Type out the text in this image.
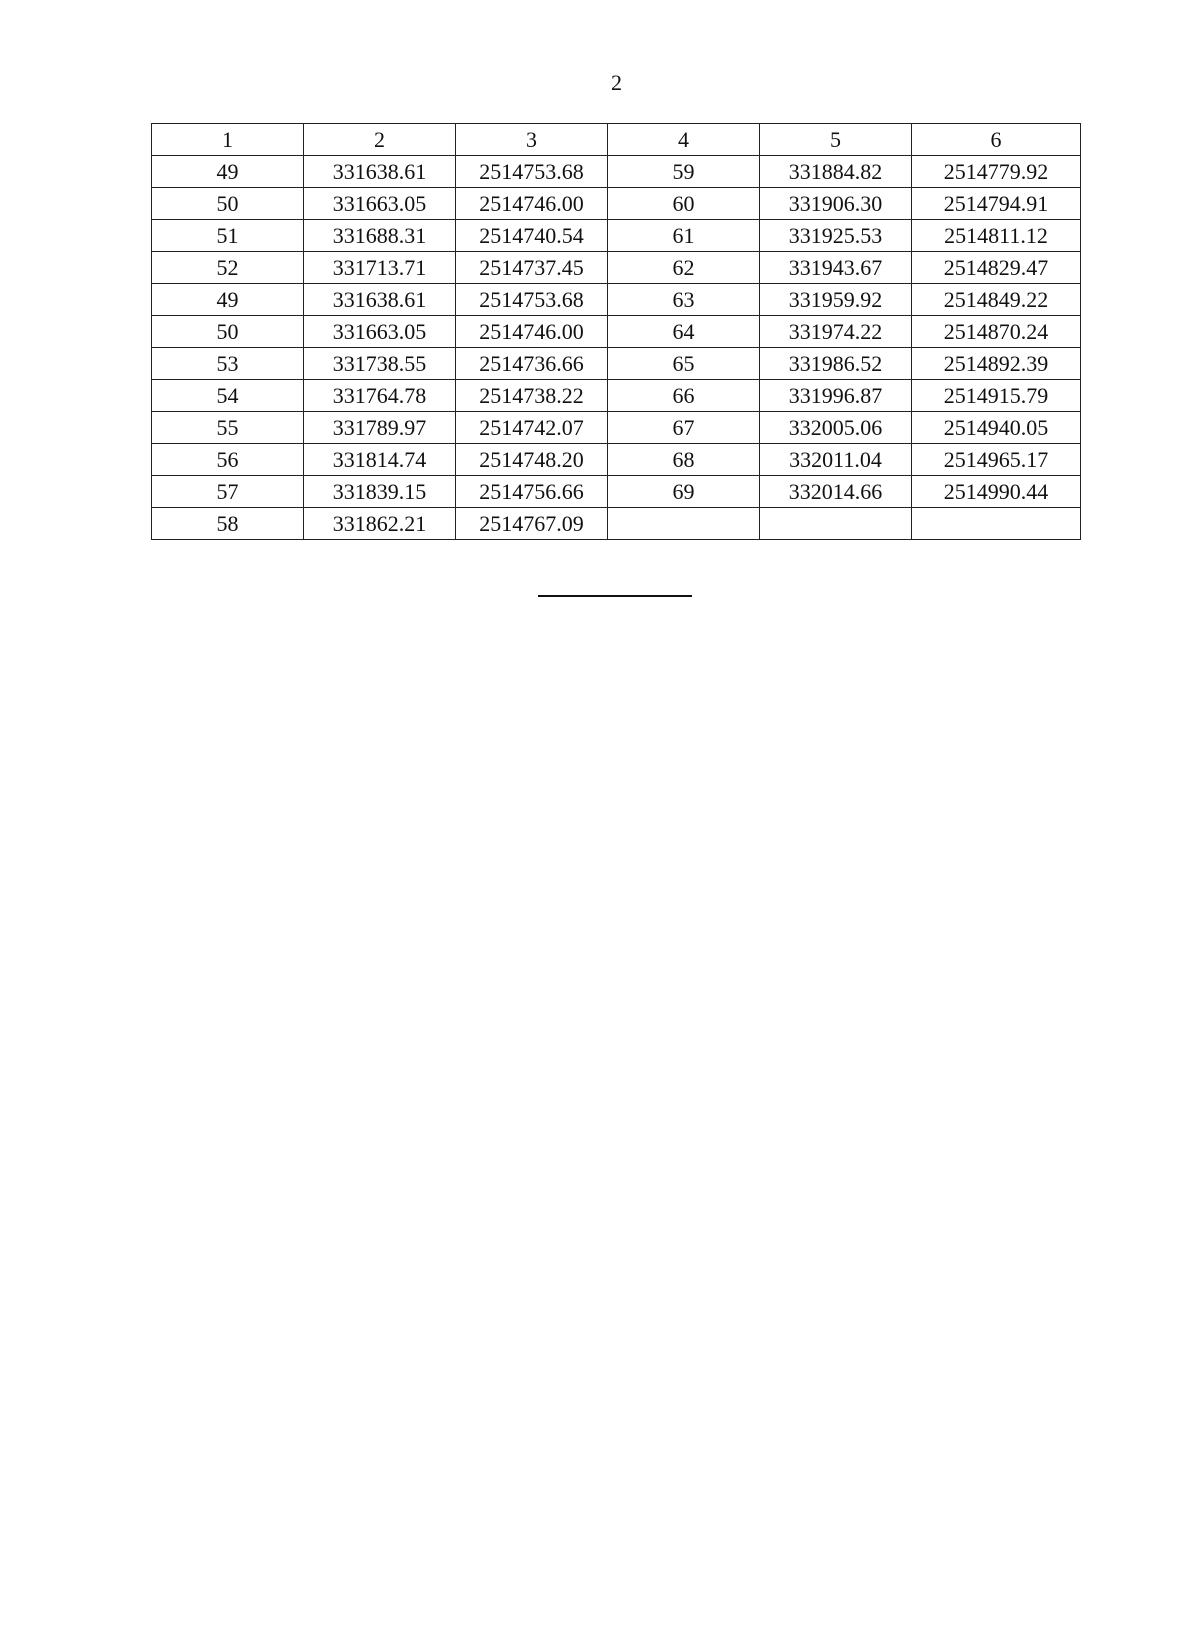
2
1	2	3	4	5	6
49	331638.61	2514753.68	59	331884.82	2514779.92
50	331663.05	2514746.00	60	331906.30	2514794.91
51	331688.31	2514740.54	61	331925.53	2514811.12
52	331713.71	2514737.45	62	331943.67	2514829.47
49	331638.61	2514753.68	63	331959.92	2514849.22
50	331663.05	2514746.00	64	331974.22	2514870.24
53	331738.55	2514736.66	65	331986.52	2514892.39
54	331764.78	2514738.22	66	331996.87	2514915.79
55	331789.97	2514742.07	67	332005.06	2514940.05
56	331814.74	2514748.20	68	332011.04	2514965.17
57	331839.15	2514756.66	69	332014.66	2514990.44
58	331862.21	2514767.09			
